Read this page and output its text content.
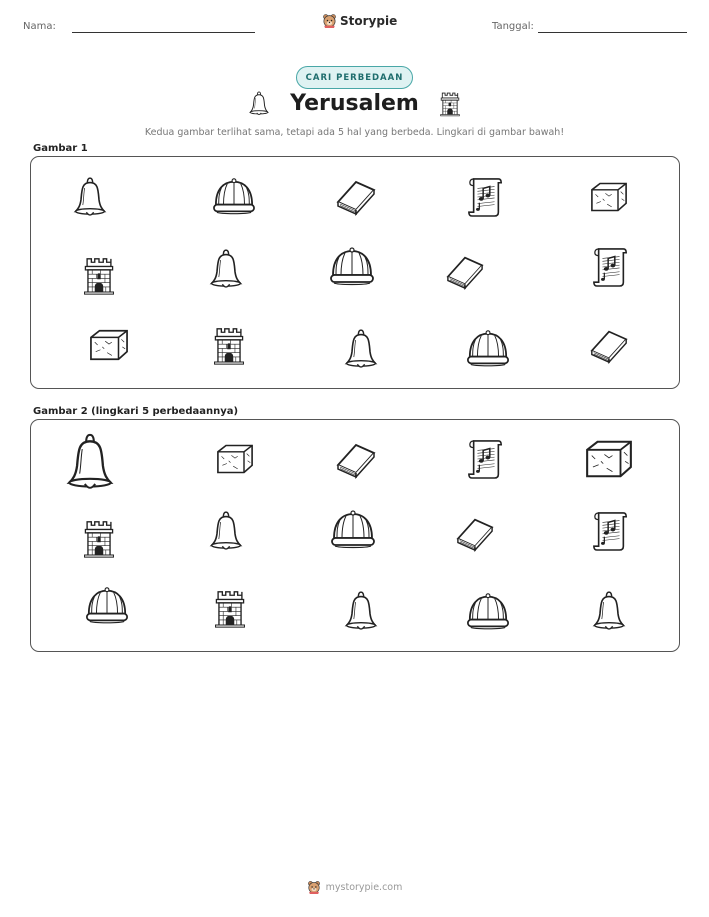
Nama:	Storypie	Tanggal:
CARI PERBEDAAN
Yerusalem
Kedua gambar terlihat sama, tetapi ada 5 hal yang berbeda. Lingkari di gambar bawah!
Gambar 1
Gambar 2 (lingkari 5 perbedaannya)
mystorypie.com
